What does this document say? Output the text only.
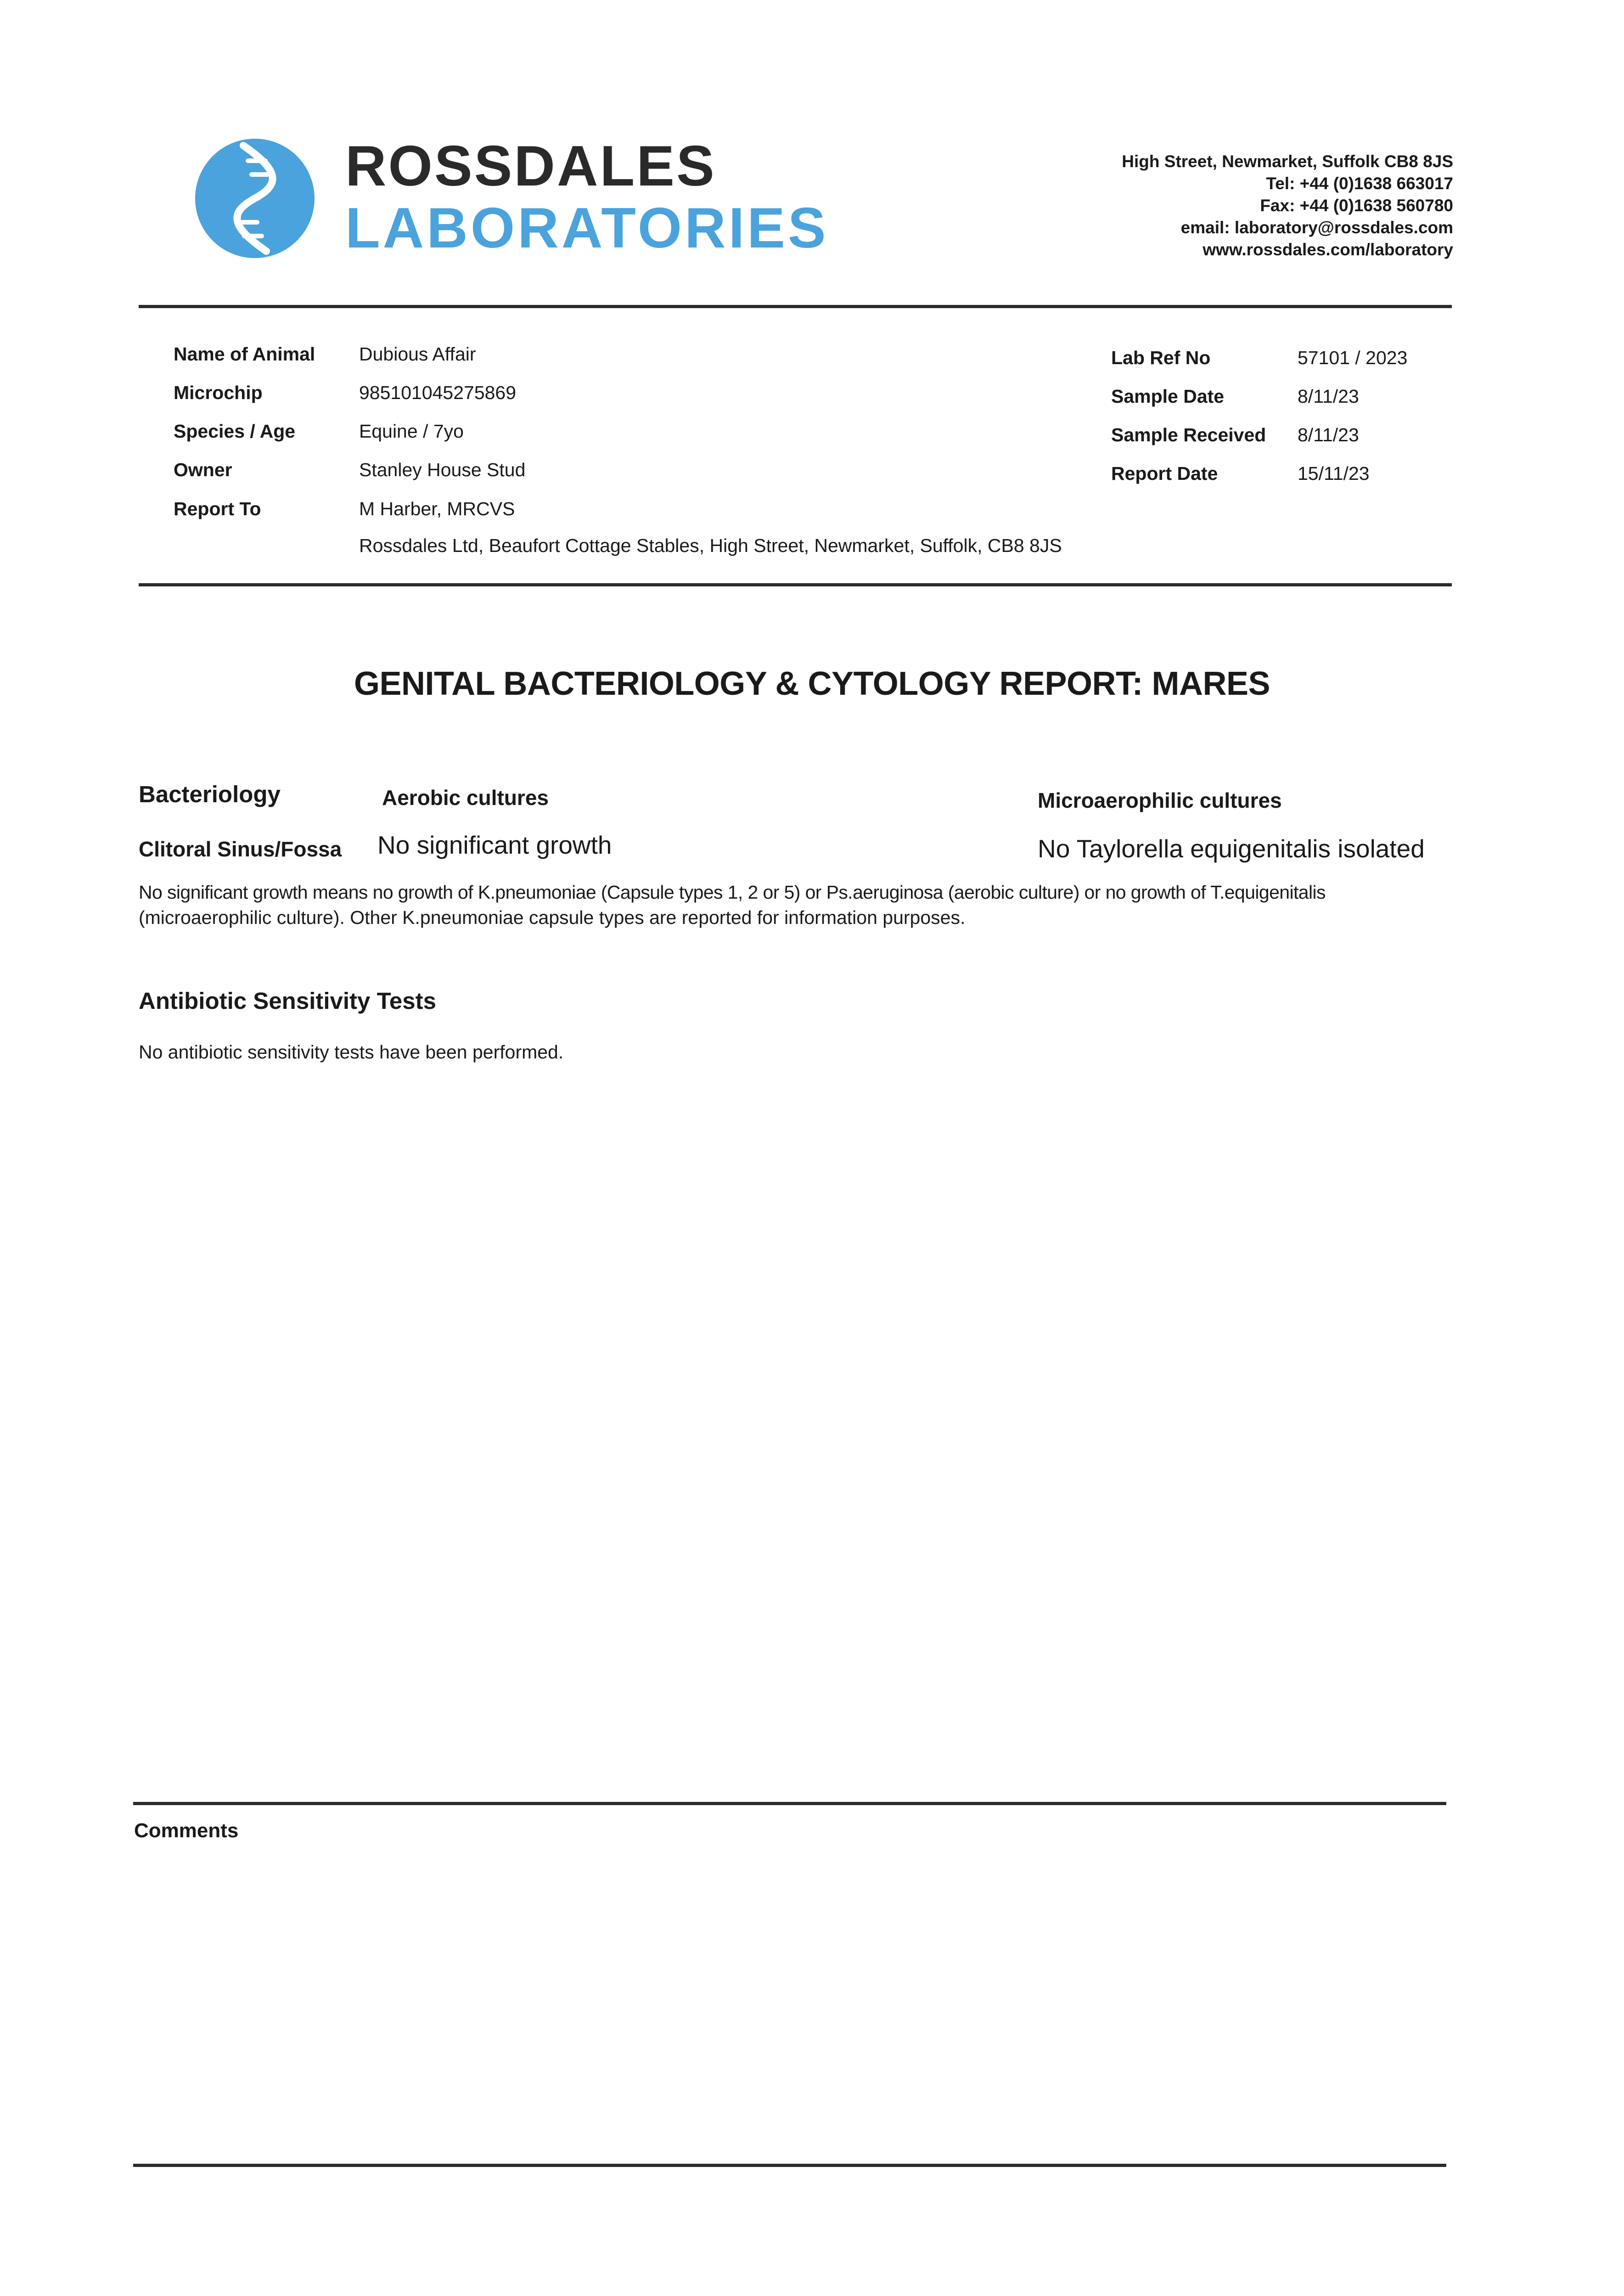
ROSSDALES
LABORATORIES
High Street, Newmarket, Suffolk CB8 8JS
Tel: +44 (0)1638 663017
Fax: +44 (0)1638 560780
email: laboratory@rossdales.com
www.rossdales.com/laboratory
Name of Animal Dubious Affair
Microchip	985101045275869
Species / Age	Equine / 7yo
Owner	Stanley House Stud
Report To	M Harber, MRCVS
Rossdales Ltd, Beaufort Cottage Stables, High Street, Newmarket, Suffolk, CB8 8JS
Lab Ref No	57101 / 2023
Sample Date	8/11/23
Sample Received 8/11/23
Report Date	15/11/23
GENITAL BACTERIOLOGY & CYTOLOGY REPORT: MARES
Bacteriology	Aerobic cultures	Microaerophilic cultures
Clitoral Sinus/Fossa No significant growth	No Taylorella equigenitalis isolated
No significant growth means no growth of K.pneumoniae (Capsule types 1, 2 or 5) or Ps.aeruginosa (aerobic culture) or no growth of T.equigenitalis
(microaerophilic culture). Other K.pneumoniae capsule types are reported for information purposes.
Antibiotic Sensitivity Tests
No antibiotic sensitivity tests have been performed.
Comments
